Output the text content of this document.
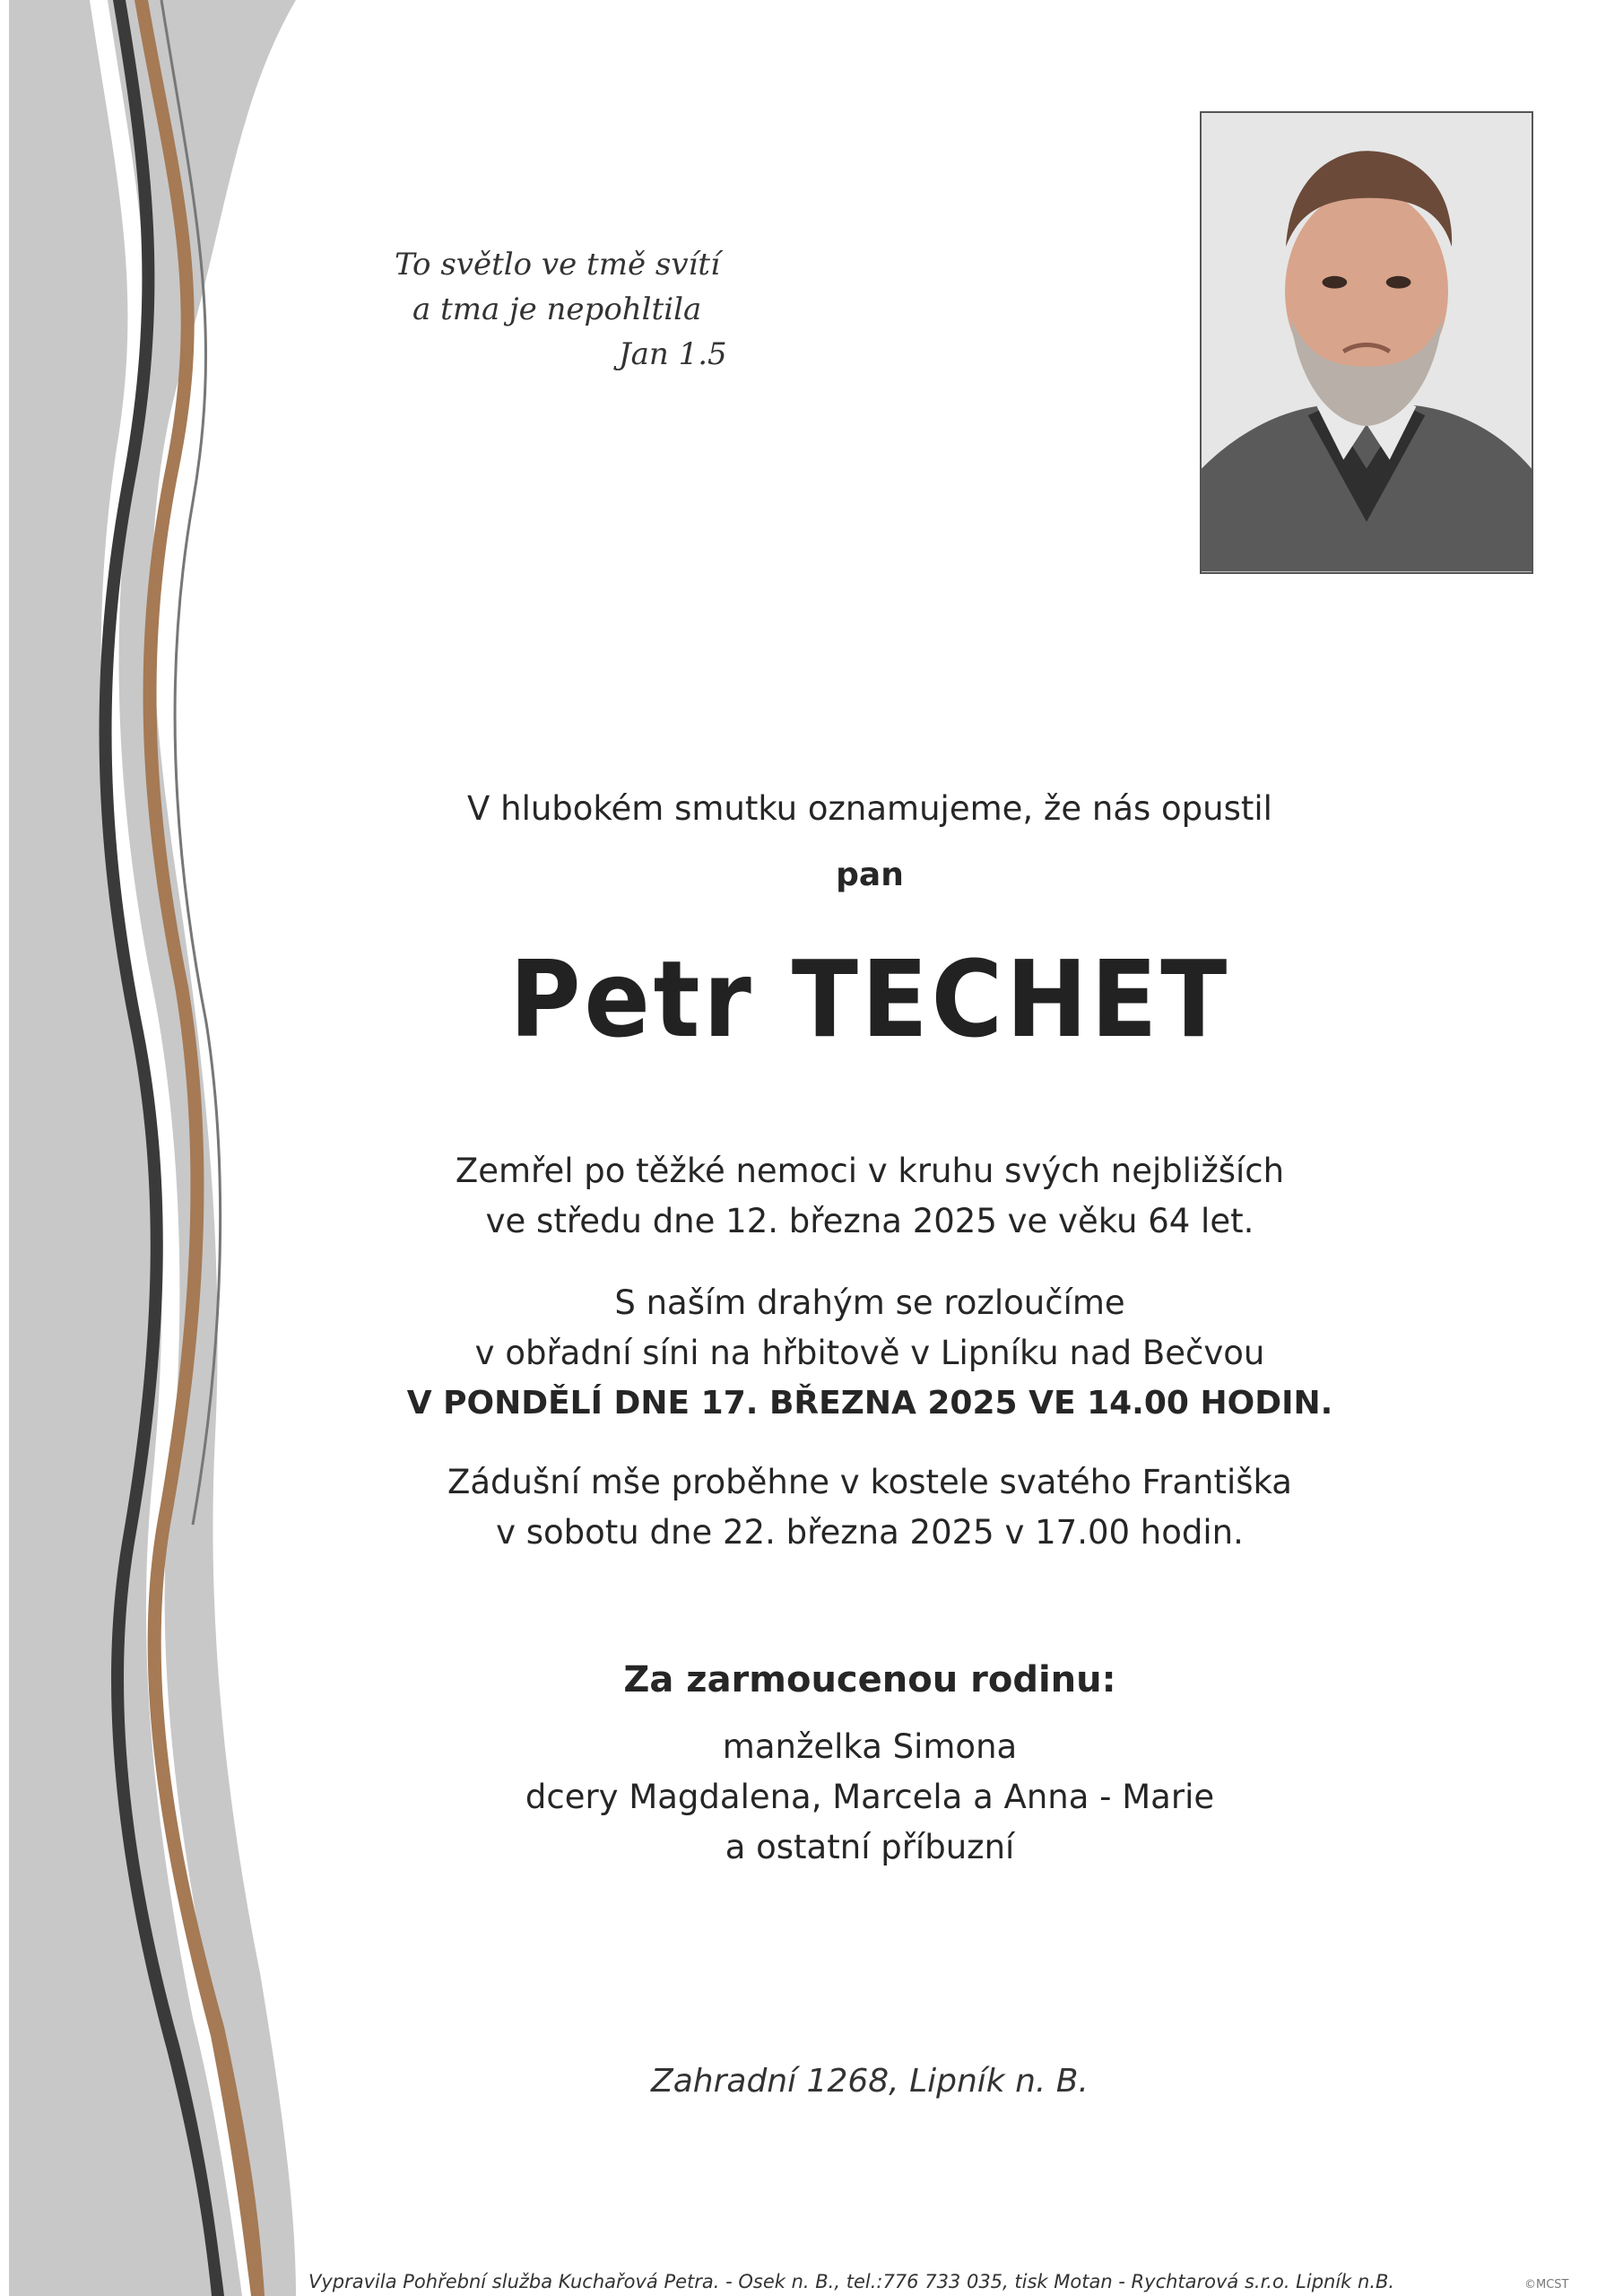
To světlo ve tmě svítí
a tma je nepohltila
Jan 1.5
V hlubokém smutku oznamujeme, že nás opustil
pan
Petr TECHET
Zemřel po těžké nemoci v kruhu svých nejbližších
ve středu dne 12. března 2025 ve věku 64 let.
S naším drahým se rozloučíme
v obřadní síni na hřbitově v Lipníku nad Bečvou
V PONDĚLÍ DNE 17. BŘEZNA 2025 VE 14.00 HODIN.
Zádušní mše proběhne v kostele svatého Františka
v sobotu dne 22. března 2025 v 17.00 hodin.
Za zarmoucenou rodinu:
manželka Simona
dcery Magdalena, Marcela a Anna - Marie
a ostatní příbuzní
Zahradní 1268, Lipník n. B.
Vypravila Pohřební služba Kuchařová Petra. - Osek n. B., tel.:776 733 035, tisk Motan - Rychtarová s.r.o. Lipník n.B.	©MCST
